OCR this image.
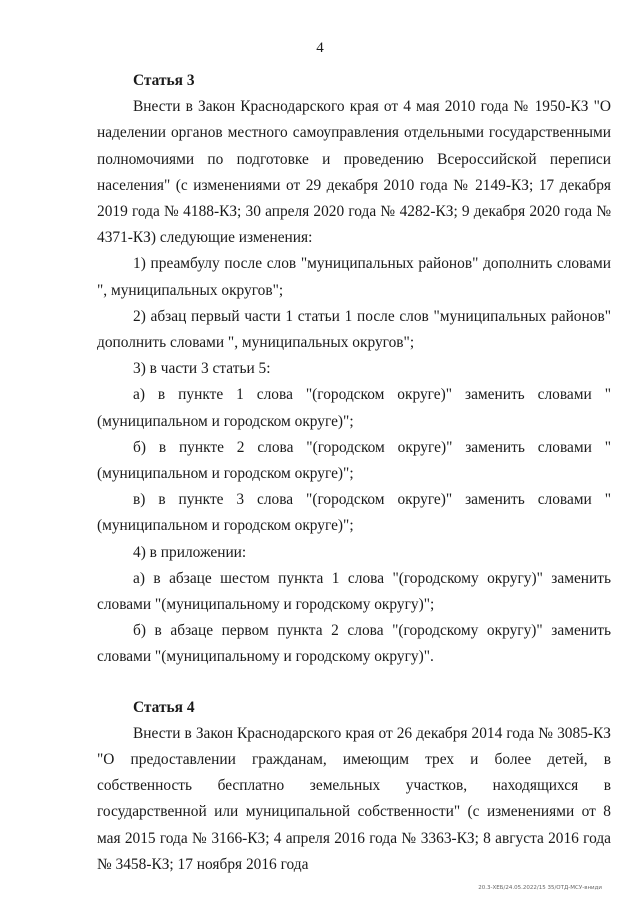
4
Статья 3

Внести в Закон Краснодарского края от 4 мая 2010 года № 1950-КЗ "О наделении органов местного самоуправления отдельными государственными полномочиями по подготовке и проведению Всероссийской переписи населения" (с изменениями от 29 декабря 2010 года № 2149-КЗ; 17 декабря 2019 года № 4188-КЗ; 30 апреля 2020 года № 4282-КЗ; 9 декабря 2020 года № 4371-КЗ) следующие изменения:

1) преамбулу после слов "муниципальных районов" дополнить словами ", муниципальных округов";

2) абзац первый части 1 статьи 1 после слов "муниципальных районов" дополнить словами ", муниципальных округов";

3) в части 3 статьи 5:

а) в пункте 1 слова "(городском округе)" заменить словами " (муниципальном и городском округе)";

б) в пункте 2 слова "(городском округе)" заменить словами "(муниципальном и городском округе)";

в) в пункте 3 слова "(городском округе)" заменить словами "(муниципальном и городском округе)";

4) в приложении:

а) в абзаце шестом пункта 1 слова "(городскому округу)" заменить словами "(муниципальному и городскому округу)";

б) в абзаце первом пункта 2 слова "(городскому округу)" заменить словами "(муниципальному и городскому округу)".

Статья 4

Внести в Закон Краснодарского края от 26 декабря 2014 года № 3085-КЗ "О предоставлении гражданам, имеющим трех и более детей, в собственность бесплатно земельных участков, находящихся в государственной или муниципальной собственности" (с изменениями от 8 мая 2015 года № 3166-КЗ; 4 апреля 2016 года № 3363-КЗ; 8 августа 2016 года № 3458-КЗ; 17 ноября 2016 года

20.3-ХЕБ/24.05.2022/15 35/ОТД-МСУ-вниди
